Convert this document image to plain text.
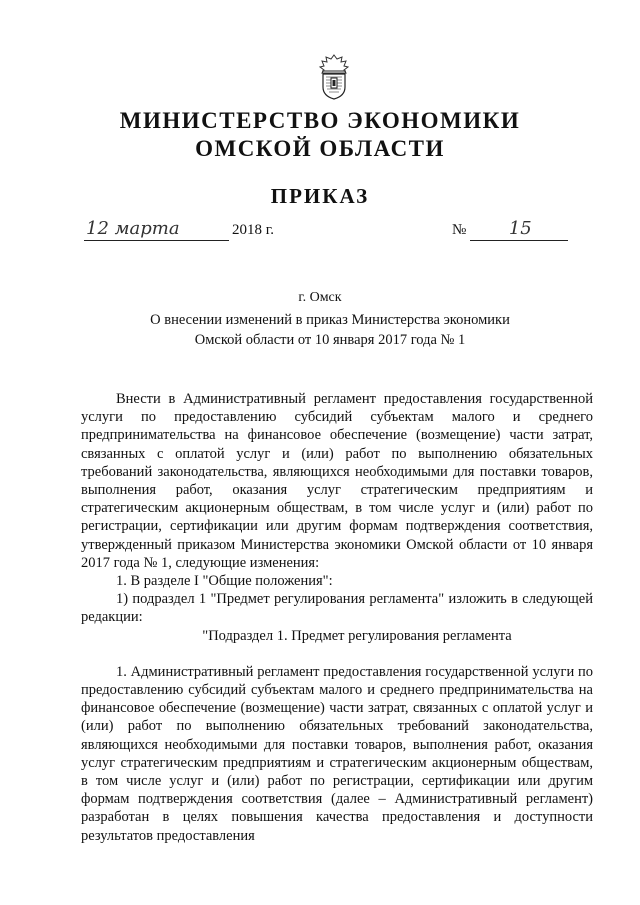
МИНИСТЕРСТВО ЭКОНОМИКИ
ОМСКОЙ ОБЛАСТИ
ПРИКАЗ
12 марта	2018 г.	№ 15
г. Омск
О внесении изменений в приказ Министерства экономики
Омской области от 10 января 2017 года № 1

Внести в Административный регламент предоставления государственной услуги по предоставлению субсидий субъектам малого и среднего предпринимательства на финансовое обеспечение (возмещение) части затрат, связанных с оплатой услуг и (или) работ по выполнению обязательных требований законодательства, являющихся необходимыми для поставки товаров, выполнения работ, оказания услуг стратегическим предприятиям и стратегическим акционерным обществам, в том числе услуг и (или) работ по регистрации, сертификации или другим формам подтверждения соответствия, утвержденный приказом Министерства экономики Омской области от 10 января 2017 года № 1, следующие изменения:

1. В разделе I "Общие положения":

1) подраздел 1 "Предмет регулирования регламента" изложить в следующей редакции:

"Подраздел 1. Предмет регулирования регламента

1. Административный регламент предоставления государственной услуги по предоставлению субсидий субъектам малого и среднего предпринимательства на финансовое обеспечение (возмещение) части затрат, связанных с оплатой услуг и (или) работ по выполнению обязательных требований законодательства, являющихся необходимыми для поставки товаров, выполнения работ, оказания услуг стратегическим предприятиям и стратегическим акционерным обществам, в том числе услуг и (или) работ по регистрации, сертификации или другим формам подтверждения соответствия (далее – Административный регламент) разработан в целях повышения качества предоставления и доступности результатов предоставления
